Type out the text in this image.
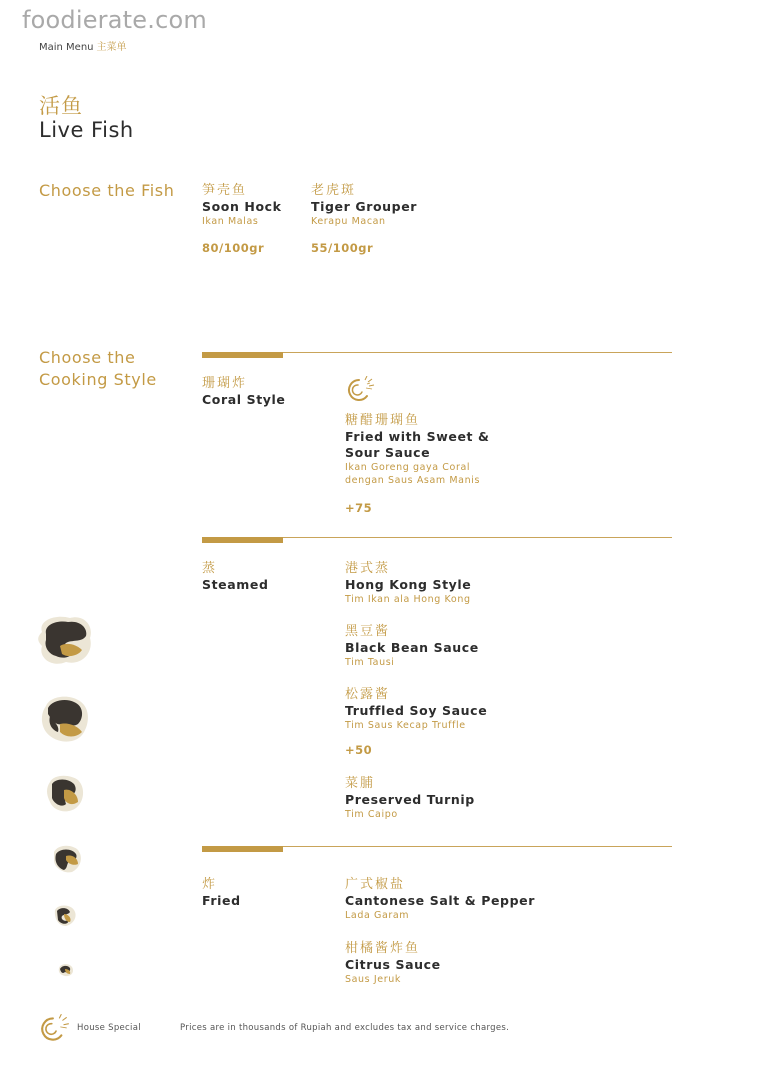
foodierate.com
Main Menu 主菜单
活鱼
Live Fish
Choose the Fish 笋壳鱼
Soon Hock
Ikan Malas
80/100gr
老虎斑
Tiger Grouper
Kerapu Macan
55/100gr
Choose the
Cooking Style	珊瑚炸
Coral Style
糖醋珊瑚鱼
Fried with Sweet &
Sour Sauce
Ikan Goreng gaya Coral
dengan Saus Asam Manis
+75
蒸
Steamed
港式蒸
Hong Kong Style
Tim Ikan ala Hong Kong
黑豆酱
Black Bean Sauce
Tim Tausi
松露酱
Truffled Soy Sauce
Tim Saus Kecap Truffle
+50
菜脯
Preserved Turnip
Tim Caipo
炸
Fried
广式椒盐
Cantonese Salt & Pepper
Lada Garam
柑橘酱炸鱼
Citrus Sauce
Saus Jeruk
House Special	Prices are in thousands of Rupiah and excludes tax and service charges.
